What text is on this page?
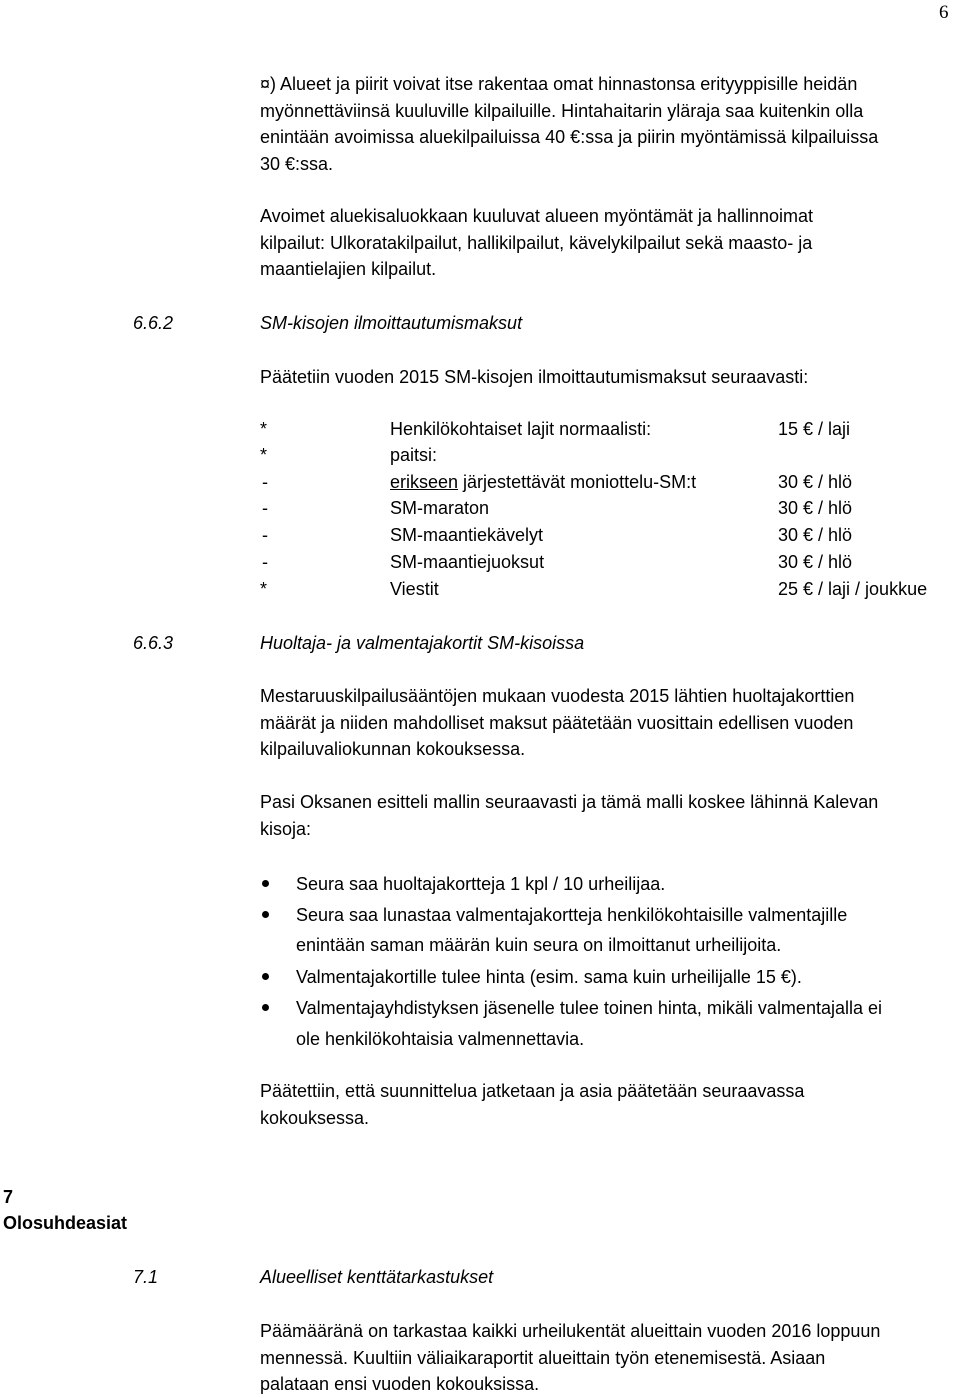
6
¤) Alueet ja piirit voivat itse rakentaa omat hinnastonsa erityyppisille heidän
myönnettäviinsä kuuluville kilpailuille. Hintahaitarin yläraja saa kuitenkin olla
enintään avoimissa aluekilpailuissa 40 €:ssa ja piirin myöntämissä kilpailuissa
30 €:ssa.
Avoimet aluekisaluokkaan kuuluvat alueen myöntämät ja hallinnoimat
kilpailut: Ulkoratakilpailut, hallikilpailut, kävelykilpailut sekä maasto- ja
maantielajien kilpailut.
6.6.2	SM-kisojen ilmoittautumismaksut
Päätetiin vuoden 2015 SM-kisojen ilmoittautumismaksut seuraavasti:
*	Henkilökohtaiset lajit normaalisti:	15 € / laji
*	paitsi:
-	erikseen järjestettävät moniottelu-SM:t	30 € / hlö
-	SM-maraton	30 € / hlö
-	SM-maantiekävelyt	30 € / hlö
-	SM-maantiejuoksut	30 € / hlö
*	Viestit	25 € / laji / joukkue
6.6.3	Huoltaja- ja valmentajakortit SM-kisoissa
Mestaruuskilpailusääntöjen mukaan vuodesta 2015 lähtien huoltajakorttien
määrät ja niiden mahdolliset maksut päätetään vuosittain edellisen vuoden
kilpailuvaliokunnan kokouksessa.
Pasi Oksanen esitteli mallin seuraavasti ja tämä malli koskee lähinnä Kalevan
kisoja:
Seura saa huoltajakortteja 1 kpl / 10 urheilijaa.
Seura saa lunastaa valmentajakortteja henkilökohtaisille valmentajille
enintään saman määrän kuin seura on ilmoittanut urheilijoita.
Valmentajakortille tulee hinta (esim. sama kuin urheilijalle 15 €).
Valmentajayhdistyksen jäsenelle tulee toinen hinta, mikäli valmentajalla ei
ole henkilökohtaisia valmennettavia.
Päätettiin, että suunnittelua jatketaan ja asia päätetään seuraavassa
kokouksessa.
7
Olosuhdeasiat
7.1	Alueelliset kenttätarkastukset
Päämääränä on tarkastaa kaikki urheilukentät alueittain vuoden 2016 loppuun
mennessä. Kuultiin väliaikaraportit alueittain työn etenemisestä. Asiaan
palataan ensi vuoden kokouksissa.
